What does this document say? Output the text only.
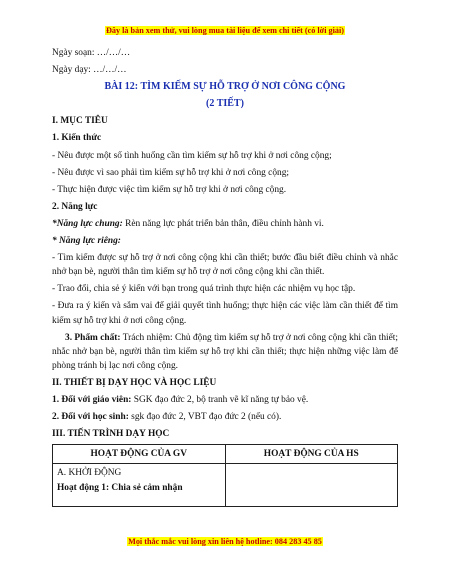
Đây là bản xem thử, vui lòng mua tài liệu để xem chi tiết (có lời giải)

Ngày soạn: …/…/…

Ngày dạy: …/…/…

BÀI 12: TÌM KIẾM SỰ HỖ TRỢ Ở NƠI CÔNG CỘNG

(2 TIẾT)

I. MỤC TIÊU

1. Kiến thức

- Nêu được một số tình huống cần tìm kiếm sự hỗ trợ khi ở nơi công cộng;

- Nêu được vì sao phải tìm kiếm sự hỗ trợ khi ở nơi công cộng;

- Thực hiện được việc tìm kiếm sự hỗ trợ khi ở nơi công cộng.

2. Năng lực

*Năng lực chung: Rèn năng lực phát triển bản thân, điều chỉnh hành vi.

* Năng lực riêng:

- Tìm kiếm được sự hỗ trợ ở nơi công cộng khi cần thiết; bước đầu biết điều chỉnh và nhắc nhở bạn bè, người thân tìm kiếm sự hỗ trợ ở nơi công cộng khi cần thiết.

- Trao đổi, chia sẻ ý kiến với bạn trong quá trình thực hiện các nhiệm vụ học tập.

- Đưa ra ý kiến và sắm vai để giải quyết tình huống; thực hiện các việc làm cần thiết để tìm kiếm sự hỗ trợ khi ở nơi công cộng.

3. Phẩm chất: Trách nhiệm: Chủ động tìm kiếm sự hỗ trợ ở nơi công cộng khi cần thiết; nhắc nhở bạn bè, người thân tìm kiếm sự hỗ trợ khi cần thiết; thực hiện những việc làm để phòng tránh bị lạc nơi công cộng.

II. THIẾT BỊ DẠY HỌC VÀ HỌC LIỆU

1. Đối với giáo viên: SGK đạo đức 2, bộ tranh vẽ kĩ năng tự bảo vệ.

2. Đối với học sinh: sgk đạo đức 2, VBT đạo đức 2 (nếu có).

III. TIẾN TRÌNH DẠY HỌC

HOẠT ĐỘNG CỦA GV	HOẠT ĐỘNG CỦA HS

A. KHỞI ĐỘNG
Hoạt động 1: Chia sẻ cảm nhận	

Mọi thắc mắc vui lòng xin liên hệ hotline: 084 283 45 85
